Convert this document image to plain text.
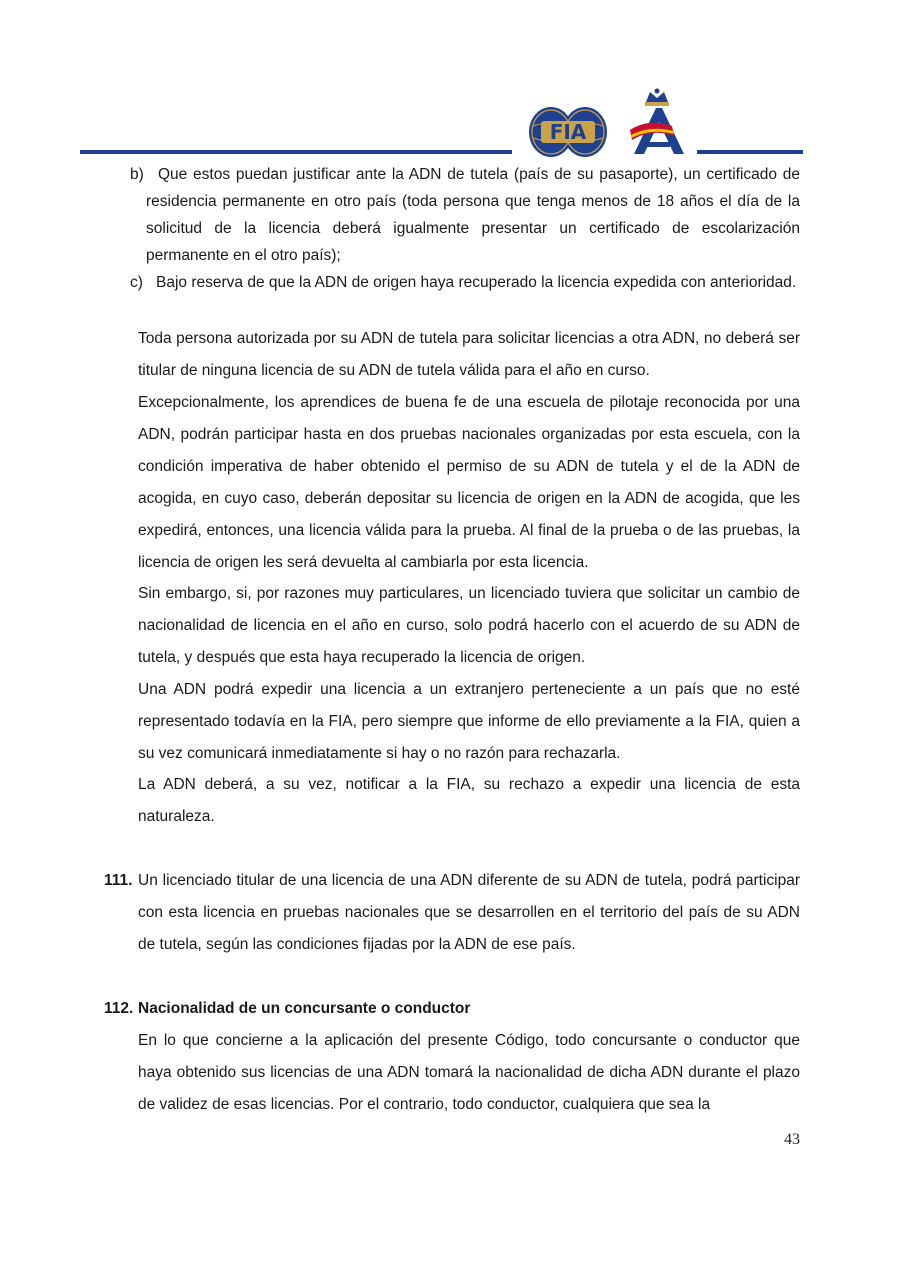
FIA
b) Que estos puedan justificar ante la ADN de tutela (país de su pasaporte), un certificado de residencia permanente en otro país (toda persona que tenga menos de 18 años el día de la solicitud de la licencia deberá igualmente presentar un certificado de escolarización permanente en el otro país);
c) Bajo reserva de que la ADN de origen haya recuperado la licencia expedida con anterioridad.

Toda persona autorizada por su ADN de tutela para solicitar licencias a otra ADN, no deberá ser titular de ninguna licencia de su ADN de tutela válida para el año en curso.

Excepcionalmente, los aprendices de buena fe de una escuela de pilotaje reconocida por una ADN, podrán participar hasta en dos pruebas nacionales organizadas por esta escuela, con la condición imperativa de haber obtenido el permiso de su ADN de tutela y el de la ADN de acogida, en cuyo caso, deberán depositar su licencia de origen en la ADN de acogida, que les expedirá, entonces, una licencia válida para la prueba. Al final de la prueba o de las pruebas, la licencia de origen les será devuelta al cambiarla por esta licencia.

Sin embargo, si, por razones muy particulares, un licenciado tuviera que solicitar un cambio de nacionalidad de licencia en el año en curso, solo podrá hacerlo con el acuerdo de su ADN de tutela, y después que esta haya recuperado la licencia de origen.

Una ADN podrá expedir una licencia a un extranjero perteneciente a un país que no esté representado todavía en la FIA, pero siempre que informe de ello previamente a la FIA, quien a su vez comunicará inmediatamente si hay o no razón para rechazarla.

La ADN deberá, a su vez, notificar a la FIA, su rechazo a expedir una licencia de esta naturaleza.

111. Un licenciado titular de una licencia de una ADN diferente de su ADN de tutela, podrá participar con esta licencia en pruebas nacionales que se desarrollen en el territorio del país de su ADN de tutela, según las condiciones fijadas por la ADN de ese país.

112. Nacionalidad de un concursante o conductor

En lo que concierne a la aplicación del presente Código, todo concursante o conductor que haya obtenido sus licencias de una ADN tomará la nacionalidad de dicha ADN durante el plazo de validez de esas licencias. Por el contrario, todo conductor, cualquiera que sea la

43
